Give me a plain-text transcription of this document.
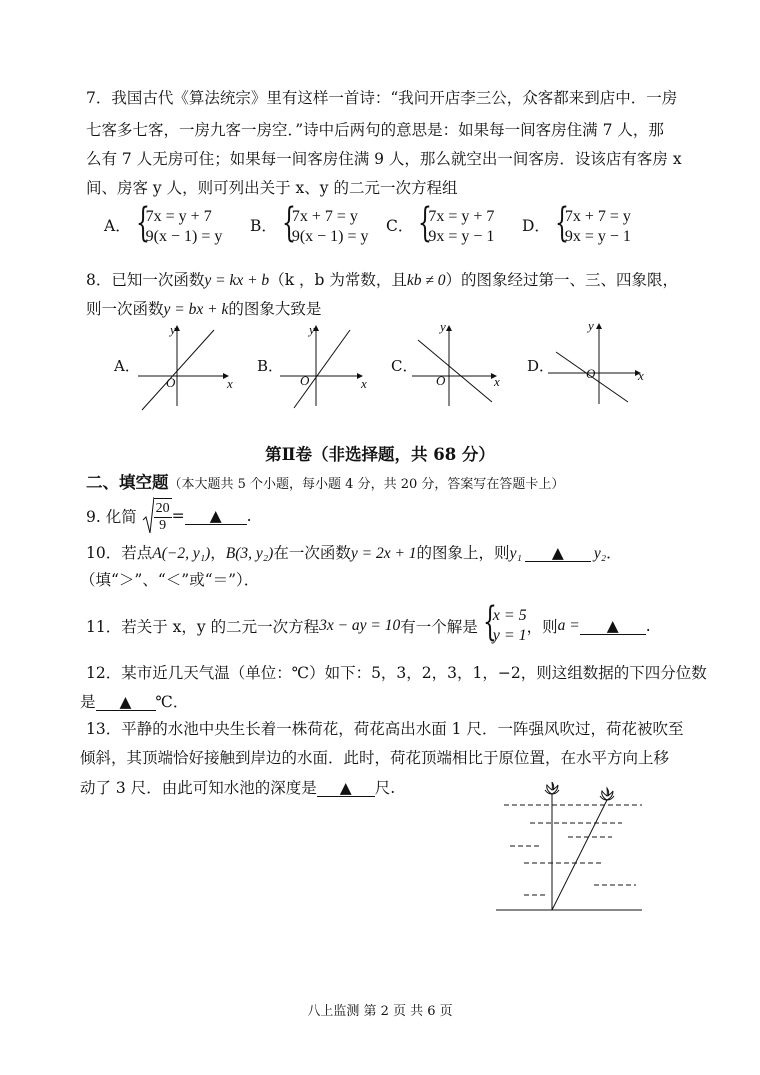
7．我国古代《算法统宗》里有这样一首诗：“我问开店李三公，众客都来到店中．一房
七客多七客，一房九客一房空．”诗中后两句的意思是：如果每一间客房住满 7 人，那
么有 7 人无房可住；如果每一间客房住满 9 人，那么就空出一间客房．设该店有客房 x
间、房客 y 人，则可列出关于 x、y 的二元一次方程组
A． {
7x = y + 7
9(x − 1) = y
B． {
7x + 7 = y
9(x − 1) = y
C． {
7x = y + 7
9x = y − 1
D． {
7x + 7 = y
9x = y − 1
8．已知一次函数y = kx + b（k ，b 为常数，且kb ≠ 0）的图象经过第一、三、四象限，
则一次函数y = bx + k的图象大致是
A．	B．	C．	D．
y
x
O
y
x
O
y
x
O
y
x
O
第Ⅱ卷（非选择题，共 68 分）
二、填空题（本大题共 5 个小题，每小题 4 分，共 20 分，答案写在答题卡上）
9. 化简 $\frac{20}{9}$ = ▲ .
10．若点A(−2, y₁)，B(3, y₂)在一次函数y = 2x + 1的图象上，则y₁ ▲ y₂．
（填“＞”、“＜”或“＝”）．
11．若关于 x，y 的二元一次方程3x − ay = 10有一个解是 {
x = 5
y = 1 ，则a = ▲ .
12．某市近几天气温（单位：℃）如下：5，3，2，3，1，−2，则这组数据的下四分位数
是 ▲ ℃．
13．平静的水池中央生长着一株荷花，荷花高出水面 1 尺．一阵强风吹过，荷花被吹至
倾斜，其顶端恰好接触到岸边的水面．此时，荷花顶端相比于原位置，在水平方向上移
动了 3 尺．由此可知水池的深度是 ▲ 尺.
八上监测 第 2 页 共 6 页
